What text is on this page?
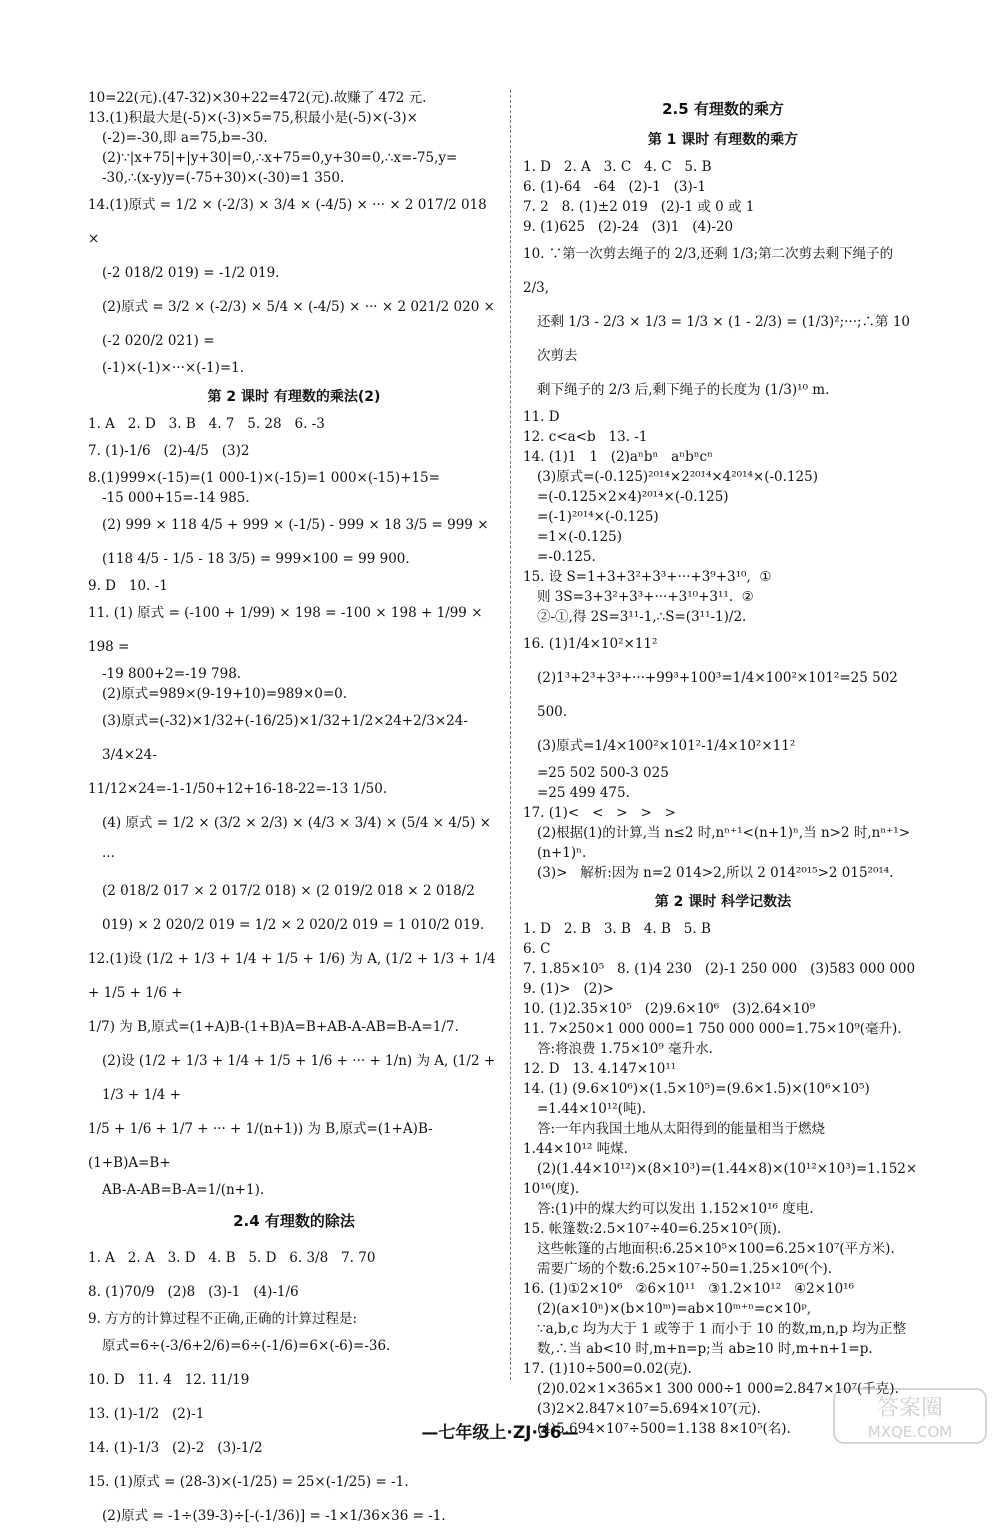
10=22(元).(47-32)×30+22=472(元).故赚了 472 元.
13.(1)积最大是(-5)×(-3)×5=75,积最小是(-5)×(-3)×
(-2)=-30,即 a=75,b=-30.
(2)∵|x+75|+|y+30|=0,∴x+75=0,y+30=0,∴x=-75,y=
-30,∴(x-y)y=(-75+30)×(-30)=1 350.
14.(1)原式 = 1/2 × (-2/3) × 3/4 × (-4/5) × ··· × 2 017/2 018 ×
(-2 018/2 019) = -1/2 019.
(2)原式 = 3/2 × (-2/3) × 5/4 × (-4/5) × ··· × 2 021/2 020 × (-2 020/2 021) =
(-1)×(-1)×···×(-1)=1.
第 2 课时 有理数的乘法(2)
1. A   2. D   3. B   4. 7   5. 28   6. -3
7. (1)-1/6   (2)-4/5   (3)2
8.(1)999×(-15)=(1 000-1)×(-15)=1 000×(-15)+15=
-15 000+15=-14 985.
(2) 999 × 118 4/5 + 999 × (-1/5) - 999 × 18 3/5 = 999 ×
(118 4/5 - 1/5 - 18 3/5) = 999×100 = 99 900.
9. D   10. -1
11. (1) 原式 = (-100 + 1/99) × 198 = -100 × 198 + 1/99 × 198 =
-19 800+2=-19 798.
(2)原式=989×(9-19+10)=989×0=0.
(3)原式=(-32)×1/32+(-16/25)×1/32+1/2×24+2/3×24-3/4×24-
11/12×24=-1-1/50+12+16-18-22=-13 1/50.
(4) 原式 = 1/2 × (3/2 × 2/3) × (4/3 × 3/4) × (5/4 × 4/5) × ···
(2 018/2 017 × 2 017/2 018) × (2 019/2 018 × 2 018/2 019) × 2 020/2 019 = 1/2 × 2 020/2 019 = 1 010/2 019.
12.(1)设 (1/2 + 1/3 + 1/4 + 1/5 + 1/6) 为 A, (1/2 + 1/3 + 1/4 + 1/5 + 1/6 +
1/7) 为 B,原式=(1+A)B-(1+B)A=B+AB-A-AB=B-A=1/7.
(2)设 (1/2 + 1/3 + 1/4 + 1/5 + 1/6 + ··· + 1/n) 为 A, (1/2 + 1/3 + 1/4 +
1/5 + 1/6 + 1/7 + ··· + 1/(n+1)) 为 B,原式=(1+A)B-(1+B)A=B+
AB-A-AB=B-A=1/(n+1).
2.4 有理数的除法
1. A   2. A   3. D   4. B   5. D   6. 3/8   7. 70
8. (1)70/9   (2)8   (3)-1   (4)-1/6
9. 方方的计算过程不正确,正确的计算过程是:
原式=6÷(-3/6+2/6)=6÷(-1/6)=6×(-6)=-36.
10. D   11. 4   12. 11/19
13. (1)-1/2   (2)-1
14. (1)-1/3   (2)-2   (3)-1/2
15. (1)原式 = (28-3)×(-1/25) = 25×(-1/25) = -1.
(2)原式 = -1÷(39-3)÷[-(-1/36)] = -1×1/36×36 = -1.
2.5 有理数的乘方
第 1 课时 有理数的乘方
1. D   2. A   3. C   4. C   5. B
6. (1)-64   -64   (2)-1   (3)-1
7. 2   8. (1)±2 019   (2)-1 或 0 或 1
9. (1)625   (2)-24   (3)1   (4)-20
10. ∵第一次剪去绳子的 2/3,还剩 1/3;第二次剪去剩下绳子的 2/3,
还剩 1/3 - 2/3 × 1/3 = 1/3 × (1 - 2/3) = (1/3)²;···;∴第 10 次剪去
剩下绳子的 2/3 后,剩下绳子的长度为 (1/3)¹⁰ m.
11. D
12. c<a<b   13. -1
14. (1)1   1   (2)aⁿbⁿ   aⁿbⁿcⁿ
(3)原式=(-0.125)²⁰¹⁴×2²⁰¹⁴×4²⁰¹⁴×(-0.125)
=(-0.125×2×4)²⁰¹⁴×(-0.125)
=(-1)²⁰¹⁴×(-0.125)
=1×(-0.125)
=-0.125.
15. 设 S=1+3+3²+3³+···+3⁹+3¹⁰,  ①
则 3S=3+3²+3³+···+3¹⁰+3¹¹.  ②
②-①,得 2S=3¹¹-1,∴S=(3¹¹-1)/2.
16. (1)1/4×10²×11²
(2)1³+2³+3³+···+99³+100³=1/4×100²×101²=25 502 500.
(3)原式=1/4×100²×101²-1/4×10²×11²
=25 502 500-3 025
=25 499 475.
17. (1)<   <   >   >   >
(2)根据(1)的计算,当 n≤2 时,nⁿ⁺¹<(n+1)ⁿ,当 n>2 时,nⁿ⁺¹>
(n+1)ⁿ.
(3)>   解析:因为 n=2 014>2,所以 2 014²⁰¹⁵>2 015²⁰¹⁴.
第 2 课时 科学记数法
1. D   2. B   3. B   4. B   5. B
6. C
7. 1.85×10⁵   8. (1)4 230   (2)-1 250 000   (3)583 000 000
9. (1)>   (2)>
10. (1)2.35×10⁵   (2)9.6×10⁶   (3)2.64×10⁹
11. 7×250×1 000 000=1 750 000 000=1.75×10⁹(毫升).
答:将浪费 1.75×10⁹ 毫升水.
12. D   13. 4.147×10¹¹
14. (1) (9.6×10⁶)×(1.5×10⁵)=(9.6×1.5)×(10⁶×10⁵)
=1.44×10¹²(吨).
答:一年内我国土地从太阳得到的能量相当于燃烧
1.44×10¹² 吨煤.
(2)(1.44×10¹²)×(8×10³)=(1.44×8)×(10¹²×10³)=1.152×
10¹⁶(度).
答:(1)中的煤大约可以发出 1.152×10¹⁶ 度电.
15. 帐篷数:2.5×10⁷÷40=6.25×10⁵(顶).
这些帐篷的占地面积:6.25×10⁵×100=6.25×10⁷(平方米).
需要广场的个数:6.25×10⁷÷50=1.25×10⁶(个).
16. (1)①2×10⁶   ②6×10¹¹   ③1.2×10¹²   ④2×10¹⁶
(2)(a×10ⁿ)×(b×10ᵐ)=ab×10ᵐ⁺ⁿ=c×10ᵖ,
∵a,b,c 均为大于 1 或等于 1 而小于 10 的数,m,n,p 均为正整
数,∴当 ab<10 时,m+n=p;当 ab≥10 时,m+n+1=p.
17. (1)10÷500=0.02(克).
(2)0.02×1×365×1 300 000÷1 000=2.847×10⁷(千克).
(3)2×2.847×10⁷=5.694×10⁷(元).
(4)5.694×10⁷÷500=1.138 8×10⁵(名).
—七年级上·ZJ·36—
答案圈
MXQE.COM
